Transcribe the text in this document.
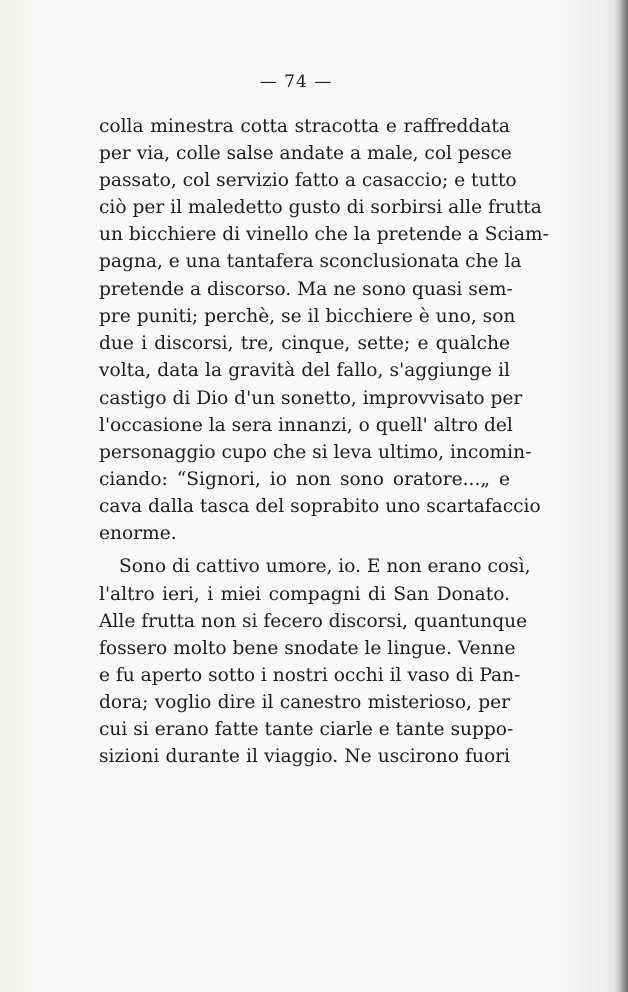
— 74 —
colla minestra cotta stracotta e raffreddata
per via, colle salse andate a male, col pesce
passato, col servizio fatto a casaccio; e tutto
ciò per il maledetto gusto di sorbirsi alle frutta
un bicchiere di vinello che la pretende a Sciam-
pagna, e una tantafera sconclusionata che la
pretende a discorso. Ma ne sono quasi sem-
pre puniti; perchè, se il bicchiere è uno, son
due i discorsi, tre, cinque, sette; e qualche
volta, data la gravità del fallo, s'aggiunge il
castigo di Dio d'un sonetto, improvvisato per
l'occasione la sera innanzi, o quell' altro del
personaggio cupo che si leva ultimo, incomin-
ciando: “Signori, io non sono oratore...„ e
cava dalla tasca del soprabito uno scartafaccio
enorme.
Sono di cattivo umore, io. E non erano così,
l'altro ieri, i miei compagni di San Donato.
Alle frutta non si fecero discorsi, quantunque
fossero molto bene snodate le lingue. Venne
e fu aperto sotto i nostri occhi il vaso di Pan-
dora; voglio dire il canestro misterioso, per
cui si erano fatte tante ciarle e tante suppo-
sizioni durante il viaggio. Ne uscirono fuori
